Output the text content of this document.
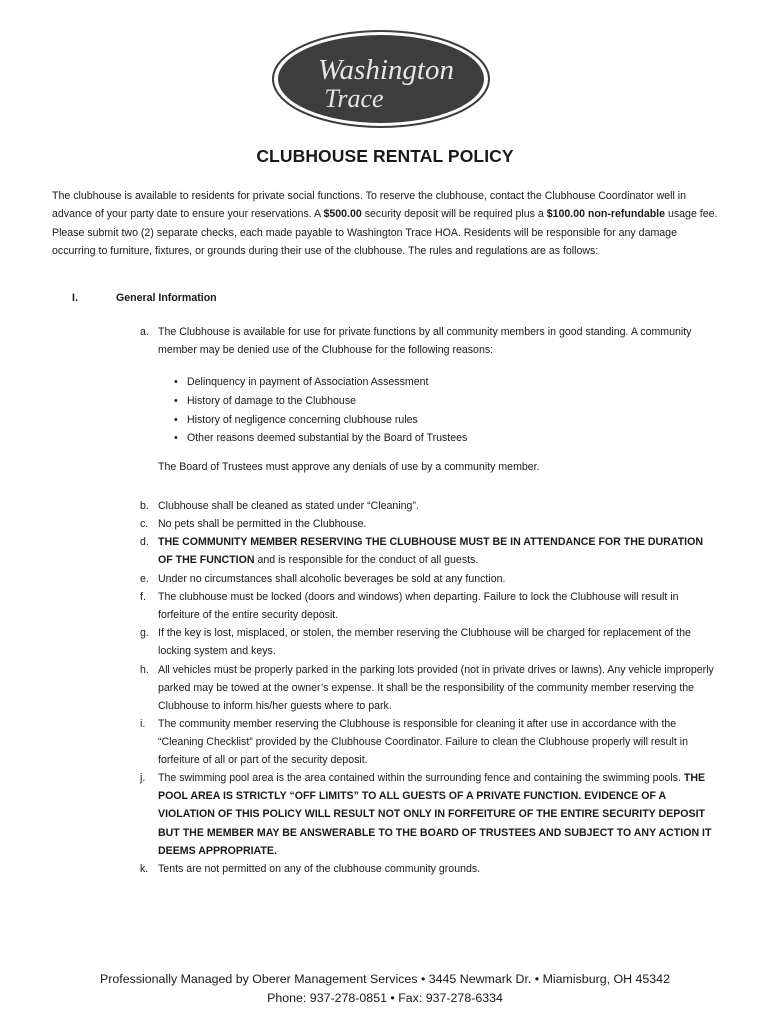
Washington
Trace
CLUBHOUSE RENTAL POLICY
The clubhouse is available to residents for private social functions. To reserve the clubhouse, contact the Clubhouse Coordinator well in advance of your party date to ensure your reservations. A $500.00 security deposit will be required plus a $100.00 non-refundable usage fee. Please submit two (2) separate checks, each made payable to Washington Trace HOA. Residents will be responsible for any damage occurring to furniture, fixtures, or grounds during their use of the clubhouse. The rules and regulations are as follows:
I.	General Information
a. The Clubhouse is available for use for private functions by all community members in good standing. A community member may be denied use of the Clubhouse for the following reasons:
• Delinquency in payment of Association Assessment
• History of damage to the Clubhouse
• History of negligence concerning clubhouse rules
• Other reasons deemed substantial by the Board of Trustees
The Board of Trustees must approve any denials of use by a community member.
b. Clubhouse shall be cleaned as stated under “Cleaning”.
c. No pets shall be permitted in the Clubhouse.
d. THE COMMUNITY MEMBER RESERVING THE CLUBHOUSE MUST BE IN ATTENDANCE FOR THE DURATION OF THE FUNCTION and is responsible for the conduct of all guests.
e. Under no circumstances shall alcoholic beverages be sold at any function.
f.	The clubhouse must be locked (doors and windows) when departing. Failure to lock the Clubhouse will result in forfeiture of the entire security deposit.
g. If the key is lost, misplaced, or stolen, the member reserving the Clubhouse will be charged for replacement of the locking system and keys.
h. All vehicles must be properly parked in the parking lots provided (not in private drives or lawns). Any vehicle improperly parked may be towed at the owner’s expense. It shall be the responsibility of the community member reserving the Clubhouse to inform his/her guests where to park.
i.	The community member reserving the Clubhouse is responsible for cleaning it after use in accordance with the “Cleaning Checklist” provided by the Clubhouse Coordinator. Failure to clean the Clubhouse properly will result in forfeiture of all or part of the security deposit.
j.	The swimming pool area is the area contained within the surrounding fence and containing the swimming pools. THE POOL AREA IS STRICTLY “OFF LIMITS” TO ALL GUESTS OF A PRIVATE FUNCTION. EVIDENCE OF A VIOLATION OF THIS POLICY WILL RESULT NOT ONLY IN FORFEITURE OF THE ENTIRE SECURITY DEPOSIT BUT THE MEMBER MAY BE ANSWERABLE TO THE BOARD OF TRUSTEES AND SUBJECT TO ANY ACTION IT DEEMS APPROPRIATE.
k. Tents are not permitted on any of the clubhouse community grounds.
Professionally Managed by Oberer Management Services • 3445 Newmark Dr. • Miamisburg, OH 45342
Phone: 937-278-0851 • Fax: 937-278-6334
